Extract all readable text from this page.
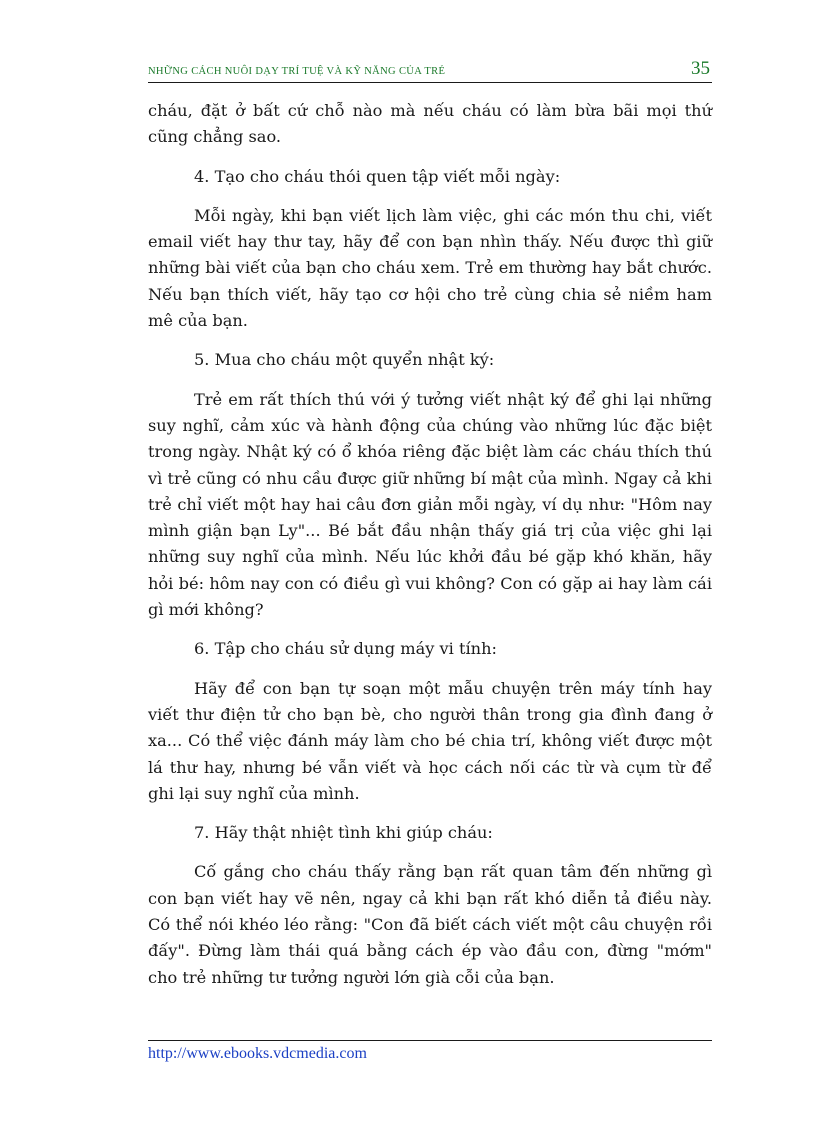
NHỮNG CÁCH NUÔI DẠY TRÍ TUỆ VÀ KỸ NĂNG CỦA TRẺ	35

cháu, đặt ở bất cứ chỗ nào mà nếu cháu có làm bừa bãi mọi thứ cũng chẳng sao.

4. Tạo cho cháu thói quen tập viết mỗi ngày:

Mỗi ngày, khi bạn viết lịch làm việc, ghi các món thu chi, viết email viết hay thư tay, hãy để con bạn nhìn thấy. Nếu được thì giữ những bài viết của bạn cho cháu xem. Trẻ em thường hay bắt chước. Nếu bạn thích viết, hãy tạo cơ hội cho trẻ cùng chia sẻ niềm ham mê của bạn.

5. Mua cho cháu một quyển nhật ký:

Trẻ em rất thích thú với ý tưởng viết nhật ký để ghi lại những suy nghĩ, cảm xúc và hành động của chúng vào những lúc đặc biệt trong ngày. Nhật ký có ổ khóa riêng đặc biệt làm các cháu thích thú vì trẻ cũng có nhu cầu được giữ những bí mật của mình. Ngay cả khi trẻ chỉ viết một hay hai câu đơn giản mỗi ngày, ví dụ như: "Hôm nay mình giận bạn Ly"... Bé bắt đầu nhận thấy giá trị của việc ghi lại những suy nghĩ của mình. Nếu lúc khởi đầu bé gặp khó khăn, hãy hỏi bé: hôm nay con có điều gì vui không? Con có gặp ai hay làm cái gì mới không?

6. Tập cho cháu sử dụng máy vi tính:

Hãy để con bạn tự soạn một mẫu chuyện trên máy tính hay viết thư điện tử cho bạn bè, cho người thân trong gia đình đang ở xa... Có thể việc đánh máy làm cho bé chia trí, không viết được một lá thư hay, nhưng bé vẫn viết và học cách nối các từ và cụm từ để ghi lại suy nghĩ của mình.

7. Hãy thật nhiệt tình khi giúp cháu:

Cố gắng cho cháu thấy rằng bạn rất quan tâm đến những gì con bạn viết hay vẽ nên, ngay cả khi bạn rất khó diễn tả điều này. Có thể nói khéo léo rằng: "Con đã biết cách viết một câu chuyện rồi đấy". Đừng làm thái quá bằng cách ép vào đầu con, đừng "mớm" cho trẻ những tư tưởng người lớn già cỗi của bạn.

http://www.ebooks.vdcmedia.com
